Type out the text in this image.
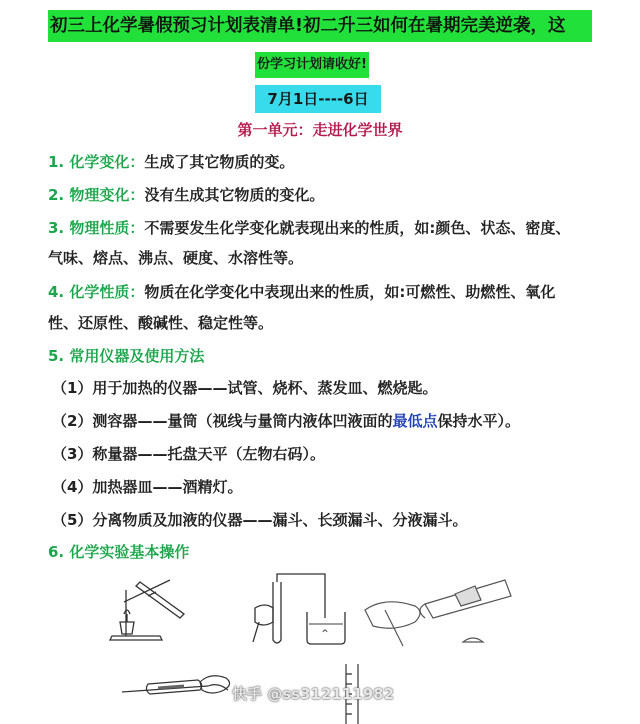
初三上化学暑假预习计划表清单!初二升三如何在暑期完美逆袭，这
份学习计划请收好!
7月1日----6日
第一单元：走进化学世界
1. 化学变化：生成了其它物质的变。
2. 物理变化：没有生成其它物质的变化。
3. 物理性质：不需要发生化学变化就表现出来的性质，如:颜色、状态、密度、
气味、熔点、沸点、硬度、水溶性等。
4. 化学性质：物质在化学变化中表现出来的性质，如:可燃性、助燃性、氧化
性、还原性、酸碱性、稳定性等。
5. 常用仪器及使用方法
（1）用于加热的仪器——试管、烧杯、蒸发皿、燃烧匙。
（2）测容器——量筒（视线与量筒内液体凹液面的最低点保持水平）。
（3）称量器——托盘天平（左物右码）。
（4）加热器皿——酒精灯。
（5）分离物质及加液的仪器——漏斗、长颈漏斗、分液漏斗。
6. 化学实验基本操作
快手 @ss312111982
